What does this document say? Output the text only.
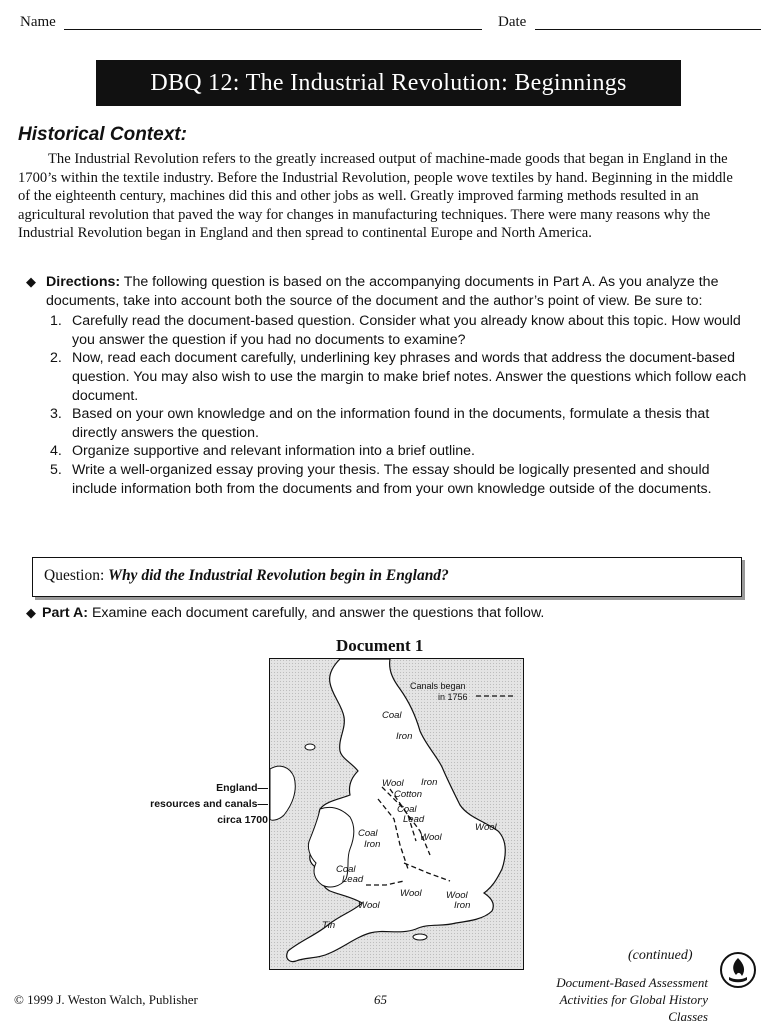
Name	Date
DBQ 12: The Industrial Revolution: Beginnings
Historical Context:

The Industrial Revolution refers to the greatly increased output of machine-made goods that began in England in the 1700’s within the textile industry. Before the Industrial Revolution, people wove textiles by hand. Beginning in the middle of the eighteenth century, machines did this and other jobs as well. Greatly improved farming methods resulted in an agricultural revolution that paved the way for changes in manufacturing techniques. There were many reasons why the Industrial Revolution began in England and then spread to continental Europe and North America.

◆ Directions: The following question is based on the accompanying documents in Part A. As you analyze the documents, take into account both the source of the document and the author’s point of view. Be sure to:
1. Carefully read the document-based question. Consider what you already know about this topic. How would you answer the question if you had no documents to examine?
2. Now, read each document carefully, underlining key phrases and words that address the document-based question. You may also wish to use the margin to make brief notes. Answer the questions which follow each document.
3. Based on your own knowledge and on the information found in the documents, formulate a thesis that directly answers the question.
4. Organize supportive and relevant information into a brief outline.
5. Write a well-organized essay proving your thesis. The essay should be logically presented and should include information both from the documents and from your own knowledge outside of the documents.
Question: Why did the Industrial Revolution begin in England?
◆ Part A: Examine each document carefully, and answer the questions that follow.
Document 1
England—
resources and canals—
circa 1700
Canals began
in 1756
Coal
Iron
Wool Iron
Cotton
Coal
Lead
Wool
Coal
Iron
Wool
Coal
Lead
Wool	Wool
Iron
Wool
Tin
(continued)
© 1999 J. Weston Walch, Publisher	65
Document-Based Assessment
Activities for Global History Classes
